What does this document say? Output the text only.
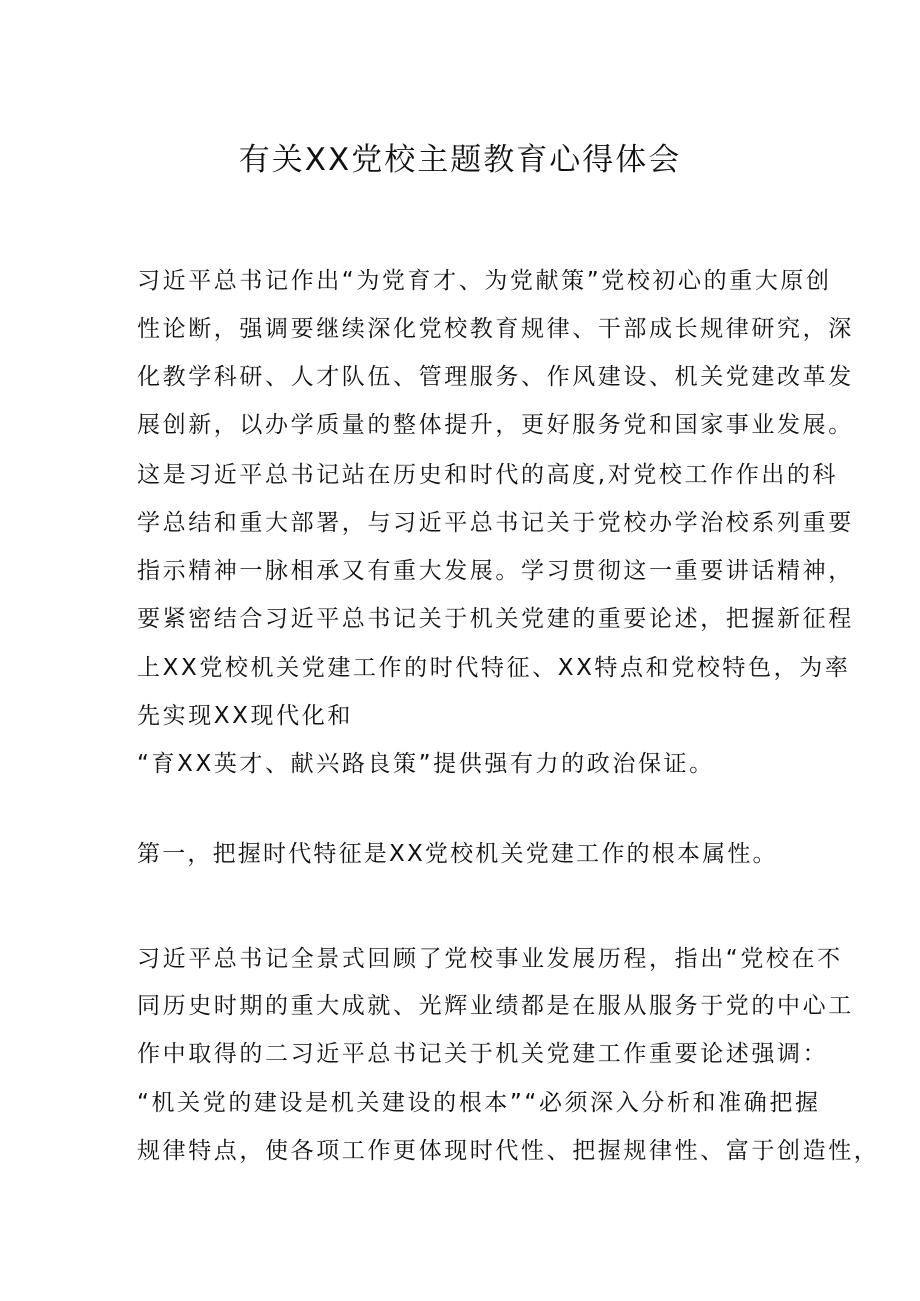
有关XX党校主题教育心得体会

习近平总书记作出“为党育才、为党献策”党校初心的重大原创

性论断，强调要继续深化党校教育规律、干部成长规律研究，深

化教学科研、人才队伍、管理服务、作风建设、机关党建改革发

展创新，以办学质量的整体提升，更好服务党和国家事业发展。

这是习近平总书记站在历史和时代的高度,对党校工作作出的科

学总结和重大部署，与习近平总书记关于党校办学治校系列重要

指示精神一脉相承又有重大发展。学习贯彻这一重要讲话精神，

要紧密结合习近平总书记关于机关党建的重要论述，把握新征程

上XX党校机关党建工作的时代特征、XX特点和党校特色，为率

先实现XX现代化和

“育XX英才、献兴路良策”提供强有力的政治保证。

第一，把握时代特征是XX党校机关党建工作的根本属性。

习近平总书记全景式回顾了党校事业发展历程，指出“党校在不

同历史时期的重大成就、光辉业绩都是在服从服务于党的中心工

作中取得的二习近平总书记关于机关党建工作重要论述强调：

“机关党的建设是机关建设的根本”“必须深入分析和准确把握

规律特点，使各项工作更体现时代性、把握规律性、富于创造性，
